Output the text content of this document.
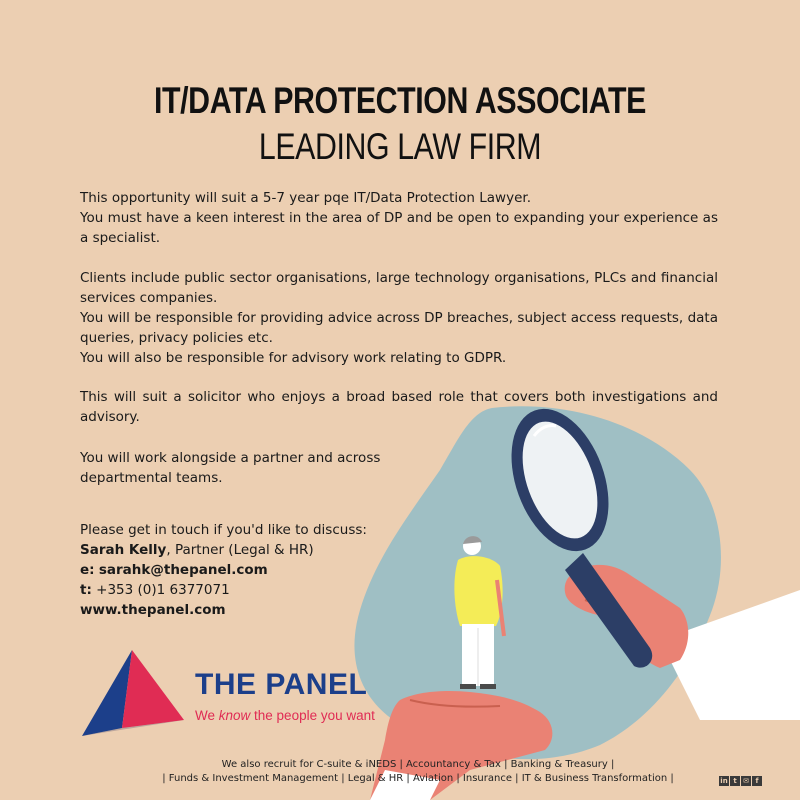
IT/DATA PROTECTION ASSOCIATE
LEADING LAW FIRM

This opportunity will suit a 5-7 year pqe IT/Data Protection Lawyer.

You must have a keen interest in the area of DP and be open to expanding your experience as a specialist.

Clients include public sector organisations, large technology organisations, PLCs and financial services companies.

You will be responsible for providing advice across DP breaches, subject access requests, data queries, privacy policies etc.

You will also be responsible for advisory work relating to GDPR.

This will suit a solicitor who enjoys a broad based role that covers both investigations and advisory.

You will work alongside a partner and across departmental teams.

Please get in touch if you'd like to discuss:
Sarah Kelly, Partner (Legal & HR)
e: sarahk@thepanel.com
t: +353 (0)1 6377071
www.thepanel.com
THE PANEL
We know the people you want
We also recruit for C-suite & iNEDS | Accountancy & Tax | Banking & Treasury |
| Funds & Investment Management | Legal & HR | Aviation | Insurance | IT & Business Transformation |	in t ✉ f
